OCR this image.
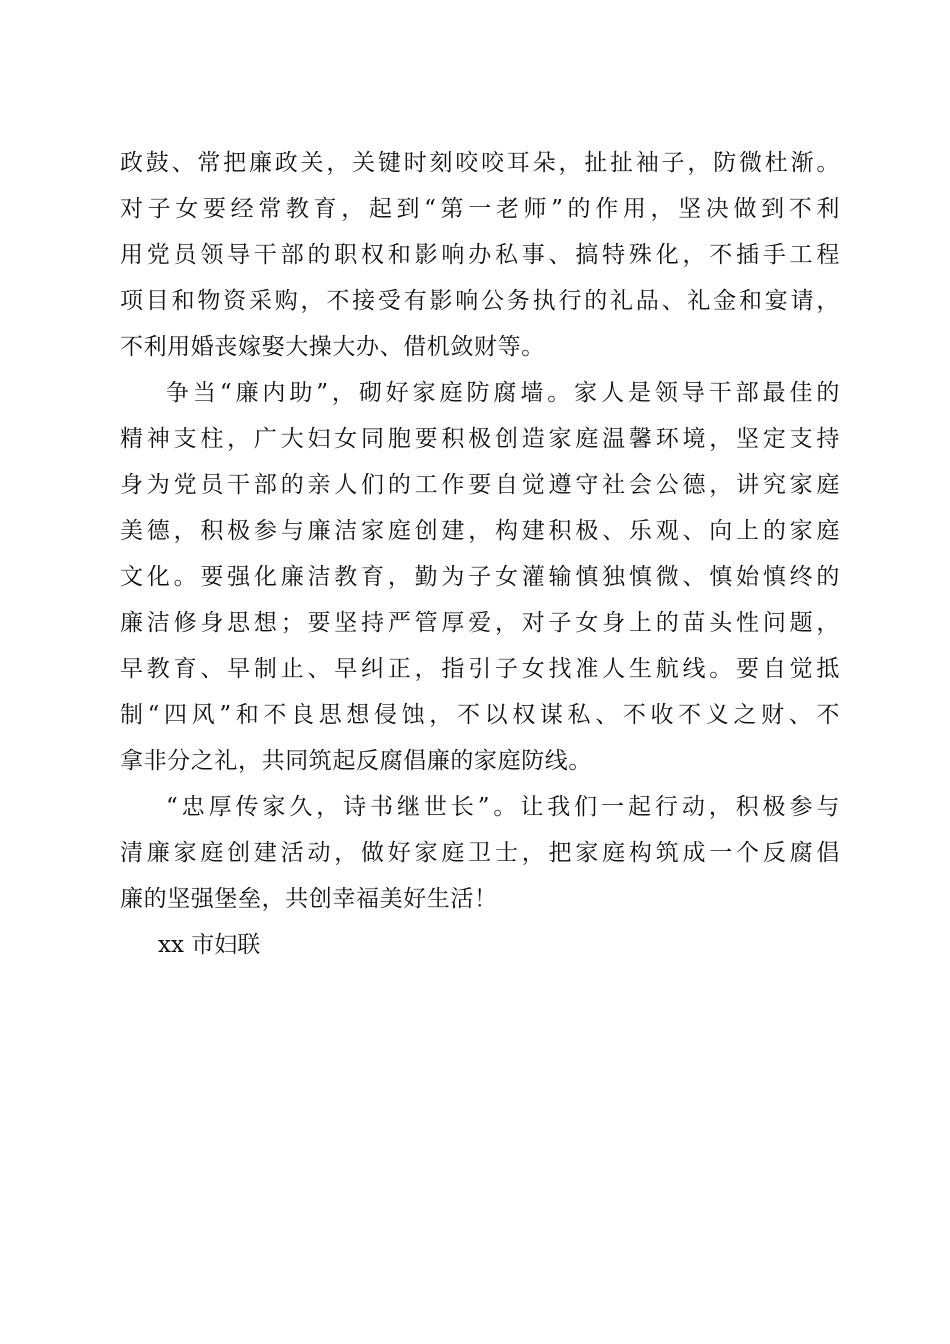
政鼓、常把廉政关，关键时刻咬咬耳朵，扯扯袖子，防微杜渐。
对子女要经常教育，起到“第一老师”的作用，坚决做到不利
用党员领导干部的职权和影响办私事、搞特殊化，不插手工程
项目和物资采购，不接受有影响公务执行的礼品、礼金和宴请，
不利用婚丧嫁娶大操大办、借机敛财等。
争当“廉内助”，砌好家庭防腐墙。家人是领导干部最佳的
精神支柱，广大妇女同胞要积极创造家庭温馨环境，坚定支持
身为党员干部的亲人们的工作要自觉遵守社会公德，讲究家庭
美德，积极参与廉洁家庭创建，构建积极、乐观、向上的家庭
文化。要强化廉洁教育，勤为子女灌输慎独慎微、慎始慎终的
廉洁修身思想；要坚持严管厚爱，对子女身上的苗头性问题，
早教育、早制止、早纠正，指引子女找准人生航线。要自觉抵
制“四风”和不良思想侵蚀，不以权谋私、不收不义之财、不
拿非分之礼，共同筑起反腐倡廉的家庭防线。
“忠厚传家久，诗书继世长”。让我们一起行动，积极参与
清廉家庭创建活动，做好家庭卫士，把家庭构筑成一个反腐倡
廉的坚强堡垒，共创幸福美好生活！
xx 市妇联
